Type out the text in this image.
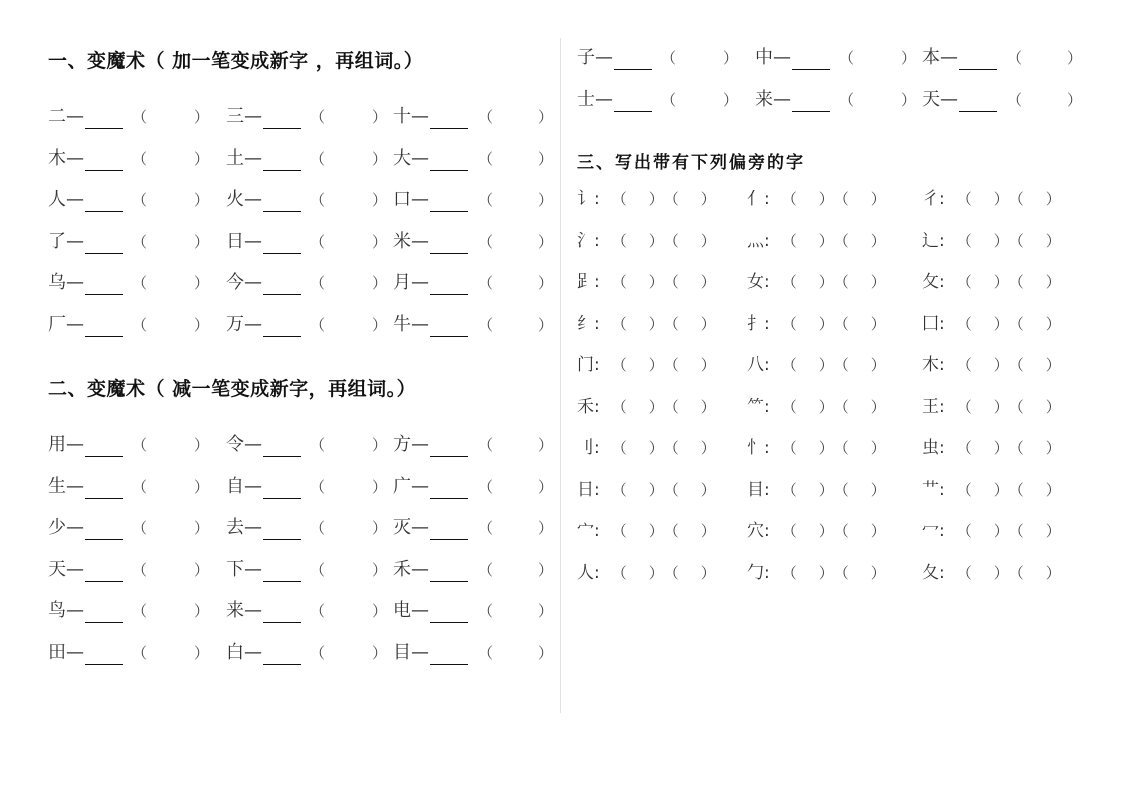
一、变魔术（ 加一笔变成新字 ，再组词。）
二—	（	） 三—	（	） 十—	（	）
木—	（	） 土—	（	） 大—	（	）
人—	（	） 火—	（	） 口—	（	）
了—	（	） 日—	（	） 米—	（	）
乌—	（	） 今—	（	） 月—	（	）
厂—	（	） 万—	（	） 牛—	（	）
二、变魔术（ 减一笔变成新字，再组词。）
用—	（	） 令—	（	） 方—	（	）
生—	（	） 自—	（	） 广—	（	）
少—	（	） 去—	（	） 灭—	（	）
天—	（	） 下—	（	） 禾—	（	）
鸟—	（	） 来—	（	） 电—	（	）
田—	（	） 白—	（	） 目—	（	）
子—	（	） 中—	（	） 本—	（	）
士—	（	） 来—	（	） 天—	（	）
三、写出带有下列偏旁的字
讠: （ ）（ ） 亻: （ ）（ ） 彳: （ ）（ ）
氵: （ ）（ ） 灬: （ ）（ ） 辶: （ ）（ ）
𧾷: （ ）（ ） 女: （ ）（ ） 攵: （ ）（ ）
纟: （ ）（ ） 扌: （ ）（ ） 囗: （ ）（ ）
门: （ ）（ ） 八: （ ）（ ） 木: （ ）（ ）
禾: （ ）（ ） ⺮: （ ）（ ） 王: （ ）（ ）
刂: （ ）（ ） 忄: （ ）（ ） 虫: （ ）（ ）
日: （ ）（ ） 目: （ ）（ ） 艹: （ ）（ ）
宀: （ ）（ ） 穴: （ ）（ ） 冖: （ ）（ ）
人: （ ）（ ） 勹: （ ）（ ） 夂: （ ）（ ）
